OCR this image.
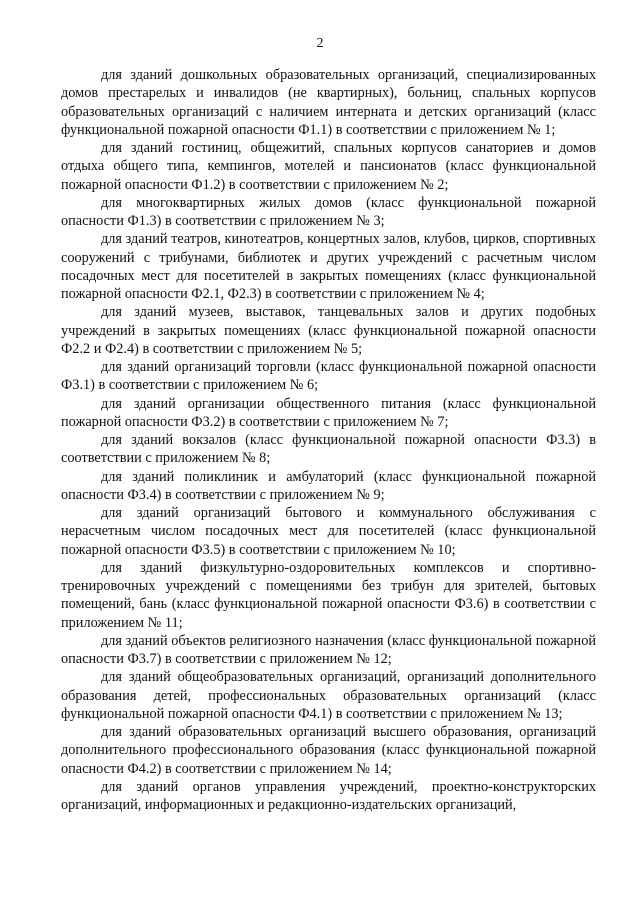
2

для зданий дошкольных образовательных организаций, специализированных домов престарелых и инвалидов (не квартирных), больниц, спальных корпусов образовательных организаций с наличием интерната и детских организаций (класс функциональной пожарной опасности Ф1.1) в соответствии с приложением № 1;

для зданий гостиниц, общежитий, спальных корпусов санаториев и домов отдыха общего типа, кемпингов, мотелей и пансионатов (класс функциональной пожарной опасности Ф1.2) в соответствии с приложением № 2;

для многоквартирных жилых домов (класс функциональной пожарной опасности Ф1.3) в соответствии с приложением № 3;

для зданий театров, кинотеатров, концертных залов, клубов, цирков, спортивных сооружений с трибунами, библиотек и других учреждений с расчетным числом посадочных мест для посетителей в закрытых помещениях (класс функциональной пожарной опасности Ф2.1, Ф2.3) в соответствии с приложением № 4;

для зданий музеев, выставок, танцевальных залов и других подобных учреждений в закрытых помещениях (класс функциональной пожарной опасности Ф2.2 и Ф2.4) в соответствии с приложением № 5;

для зданий организаций торговли (класс функциональной пожарной опасности Ф3.1) в соответствии с приложением № 6;

для зданий организации общественного питания (класс функциональной пожарной опасности Ф3.2) в соответствии с приложением № 7;

для зданий вокзалов (класс функциональной пожарной опасности Ф3.3) в соответствии с приложением № 8;

для зданий поликлиник и амбулаторий (класс функциональной пожарной опасности Ф3.4) в соответствии с приложением № 9;

для зданий организаций бытового и коммунального обслуживания с нерасчетным числом посадочных мест для посетителей (класс функциональной пожарной опасности Ф3.5) в соответствии с приложением № 10;

для зданий физкультурно-оздоровительных комплексов и спортивно-тренировочных учреждений с помещениями без трибун для зрителей, бытовых помещений, бань (класс функциональной пожарной опасности Ф3.6) в соответствии с приложением № 11;

для зданий объектов религиозного назначения (класс функциональной пожарной опасности Ф3.7) в соответствии с приложением № 12;

для зданий общеобразовательных организаций, организаций дополнительного образования детей, профессиональных образовательных организаций (класс функциональной пожарной опасности Ф4.1) в соответствии с приложением № 13;

для зданий образовательных организаций высшего образования, организаций дополнительного профессионального образования (класс функциональной пожарной опасности Ф4.2) в соответствии с приложением № 14;

для зданий органов управления учреждений, проектно-конструкторских организаций, информационных и редакционно-издательских организаций,
